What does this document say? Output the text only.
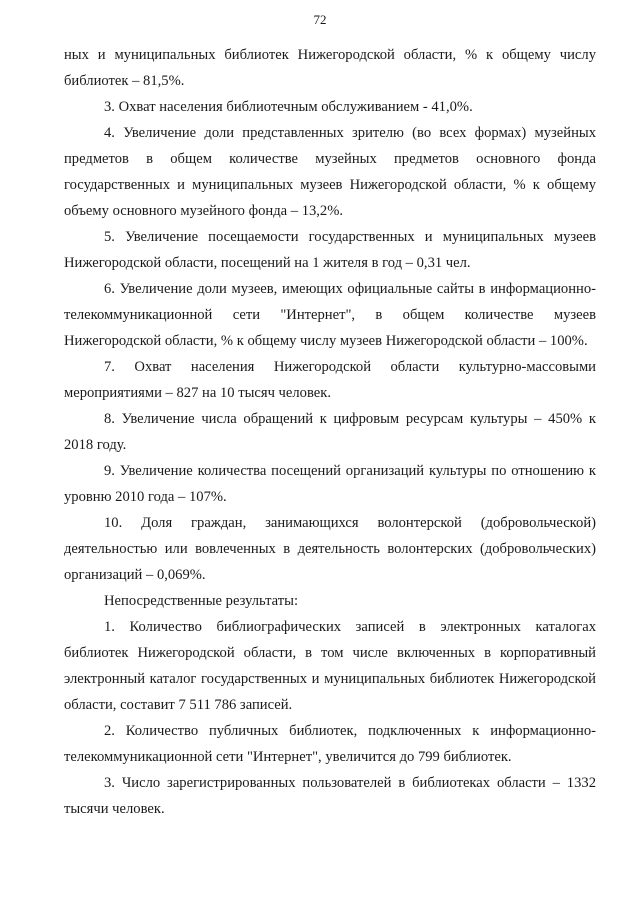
72

ных и муниципальных библиотек Нижегородской области, % к общему числу библиотек – 81,5%.

3. Охват населения библиотечным обслуживанием - 41,0%.

4. Увеличение доли представленных зрителю (во всех формах) музейных предметов в общем количестве музейных предметов основного фонда государственных и муниципальных музеев Нижегородской области, % к общему объему основного музейного фонда – 13,2%.

5. Увеличение посещаемости государственных и муниципальных музеев Нижегородской области, посещений на 1 жителя в год – 0,31 чел.

6. Увеличение доли музеев, имеющих официальные сайты в информационно-телекоммуникационной сети "Интернет", в общем количестве музеев Нижегородской области, % к общему числу музеев Нижегородской области – 100%.

7. Охват населения Нижегородской области культурно-массовыми мероприятиями – 827 на 10 тысяч человек.

8. Увеличение числа обращений к цифровым ресурсам культуры – 450% к 2018 году.

9. Увеличение количества посещений организаций культуры по отношению к уровню 2010 года – 107%.

10. Доля граждан, занимающихся волонтерской (добровольческой) деятельностью или вовлеченных в деятельность волонтерских (добровольческих) организаций – 0,069%.

Непосредственные результаты:

1. Количество библиографических записей в электронных каталогах библиотек Нижегородской области, в том числе включенных в корпоративный электронный каталог государственных и муниципальных библиотек Нижегородской области, составит 7 511 786 записей.

2. Количество публичных библиотек, подключенных к информационно-телекоммуникационной сети "Интернет", увеличится до 799 библиотек.

3. Число зарегистрированных пользователей в библиотеках области – 1332 тысячи человек.
